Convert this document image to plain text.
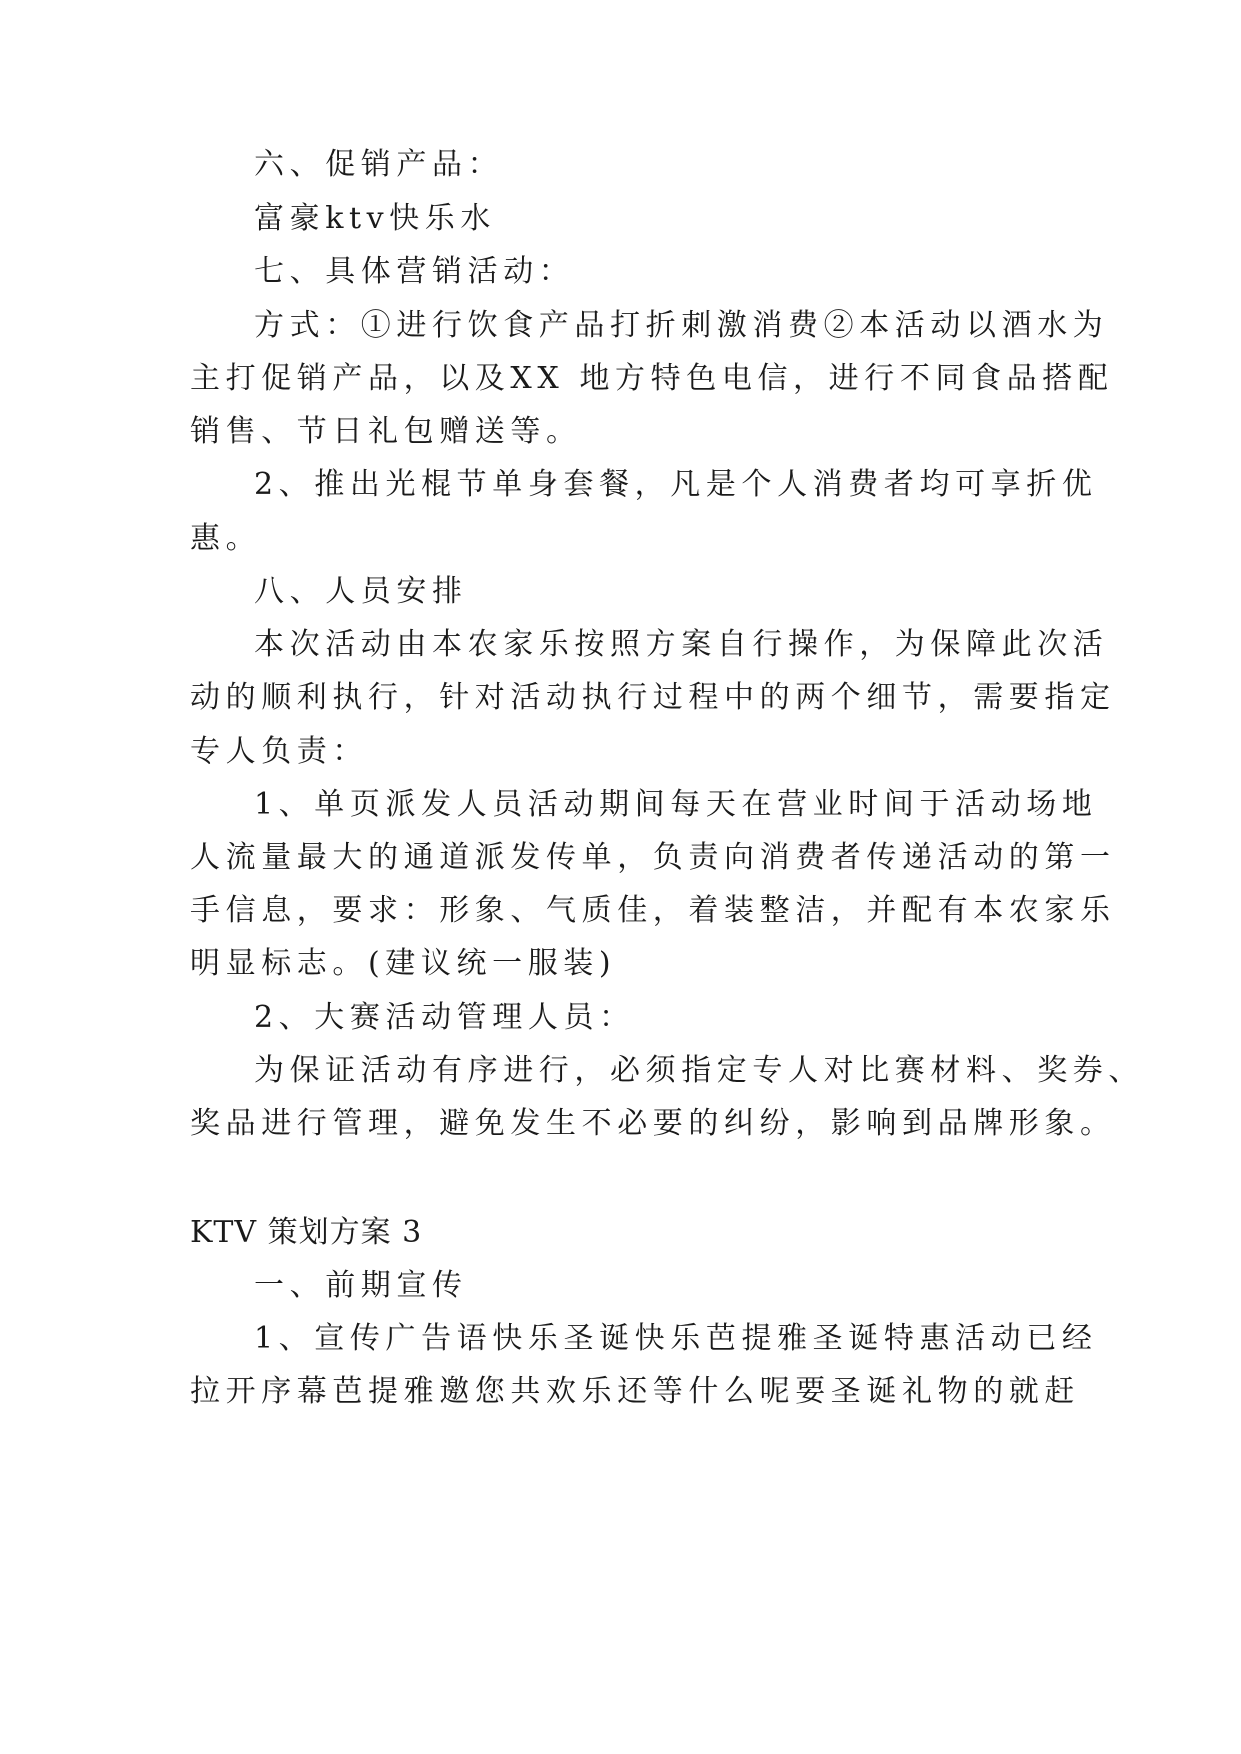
六、促销产品：
富豪ktv快乐水
七、具体营销活动：
方式：①进行饮食产品打折刺激消费②本活动以酒水为
主打促销产品，以及XX 地方特色电信，进行不同食品搭配
销售、节日礼包赠送等。
2、推出光棍节单身套餐，凡是个人消费者均可享折优
惠。
八、人员安排
本次活动由本农家乐按照方案自行操作，为保障此次活
动的顺利执行，针对活动执行过程中的两个细节，需要指定
专人负责：
1、单页派发人员活动期间每天在营业时间于活动场地
人流量最大的通道派发传单，负责向消费者传递活动的第一
手信息，要求：形象、气质佳，着装整洁，并配有本农家乐
明显标志。(建议统一服装)
2、大赛活动管理人员：
为保证活动有序进行，必须指定专人对比赛材料、奖券、
奖品进行管理，避免发生不必要的纠纷，影响到品牌形象。
KTV 策划方案 3
一、前期宣传
1、宣传广告语快乐圣诞快乐芭提雅圣诞特惠活动已经
拉开序幕芭提雅邀您共欢乐还等什么呢要圣诞礼物的就赶
